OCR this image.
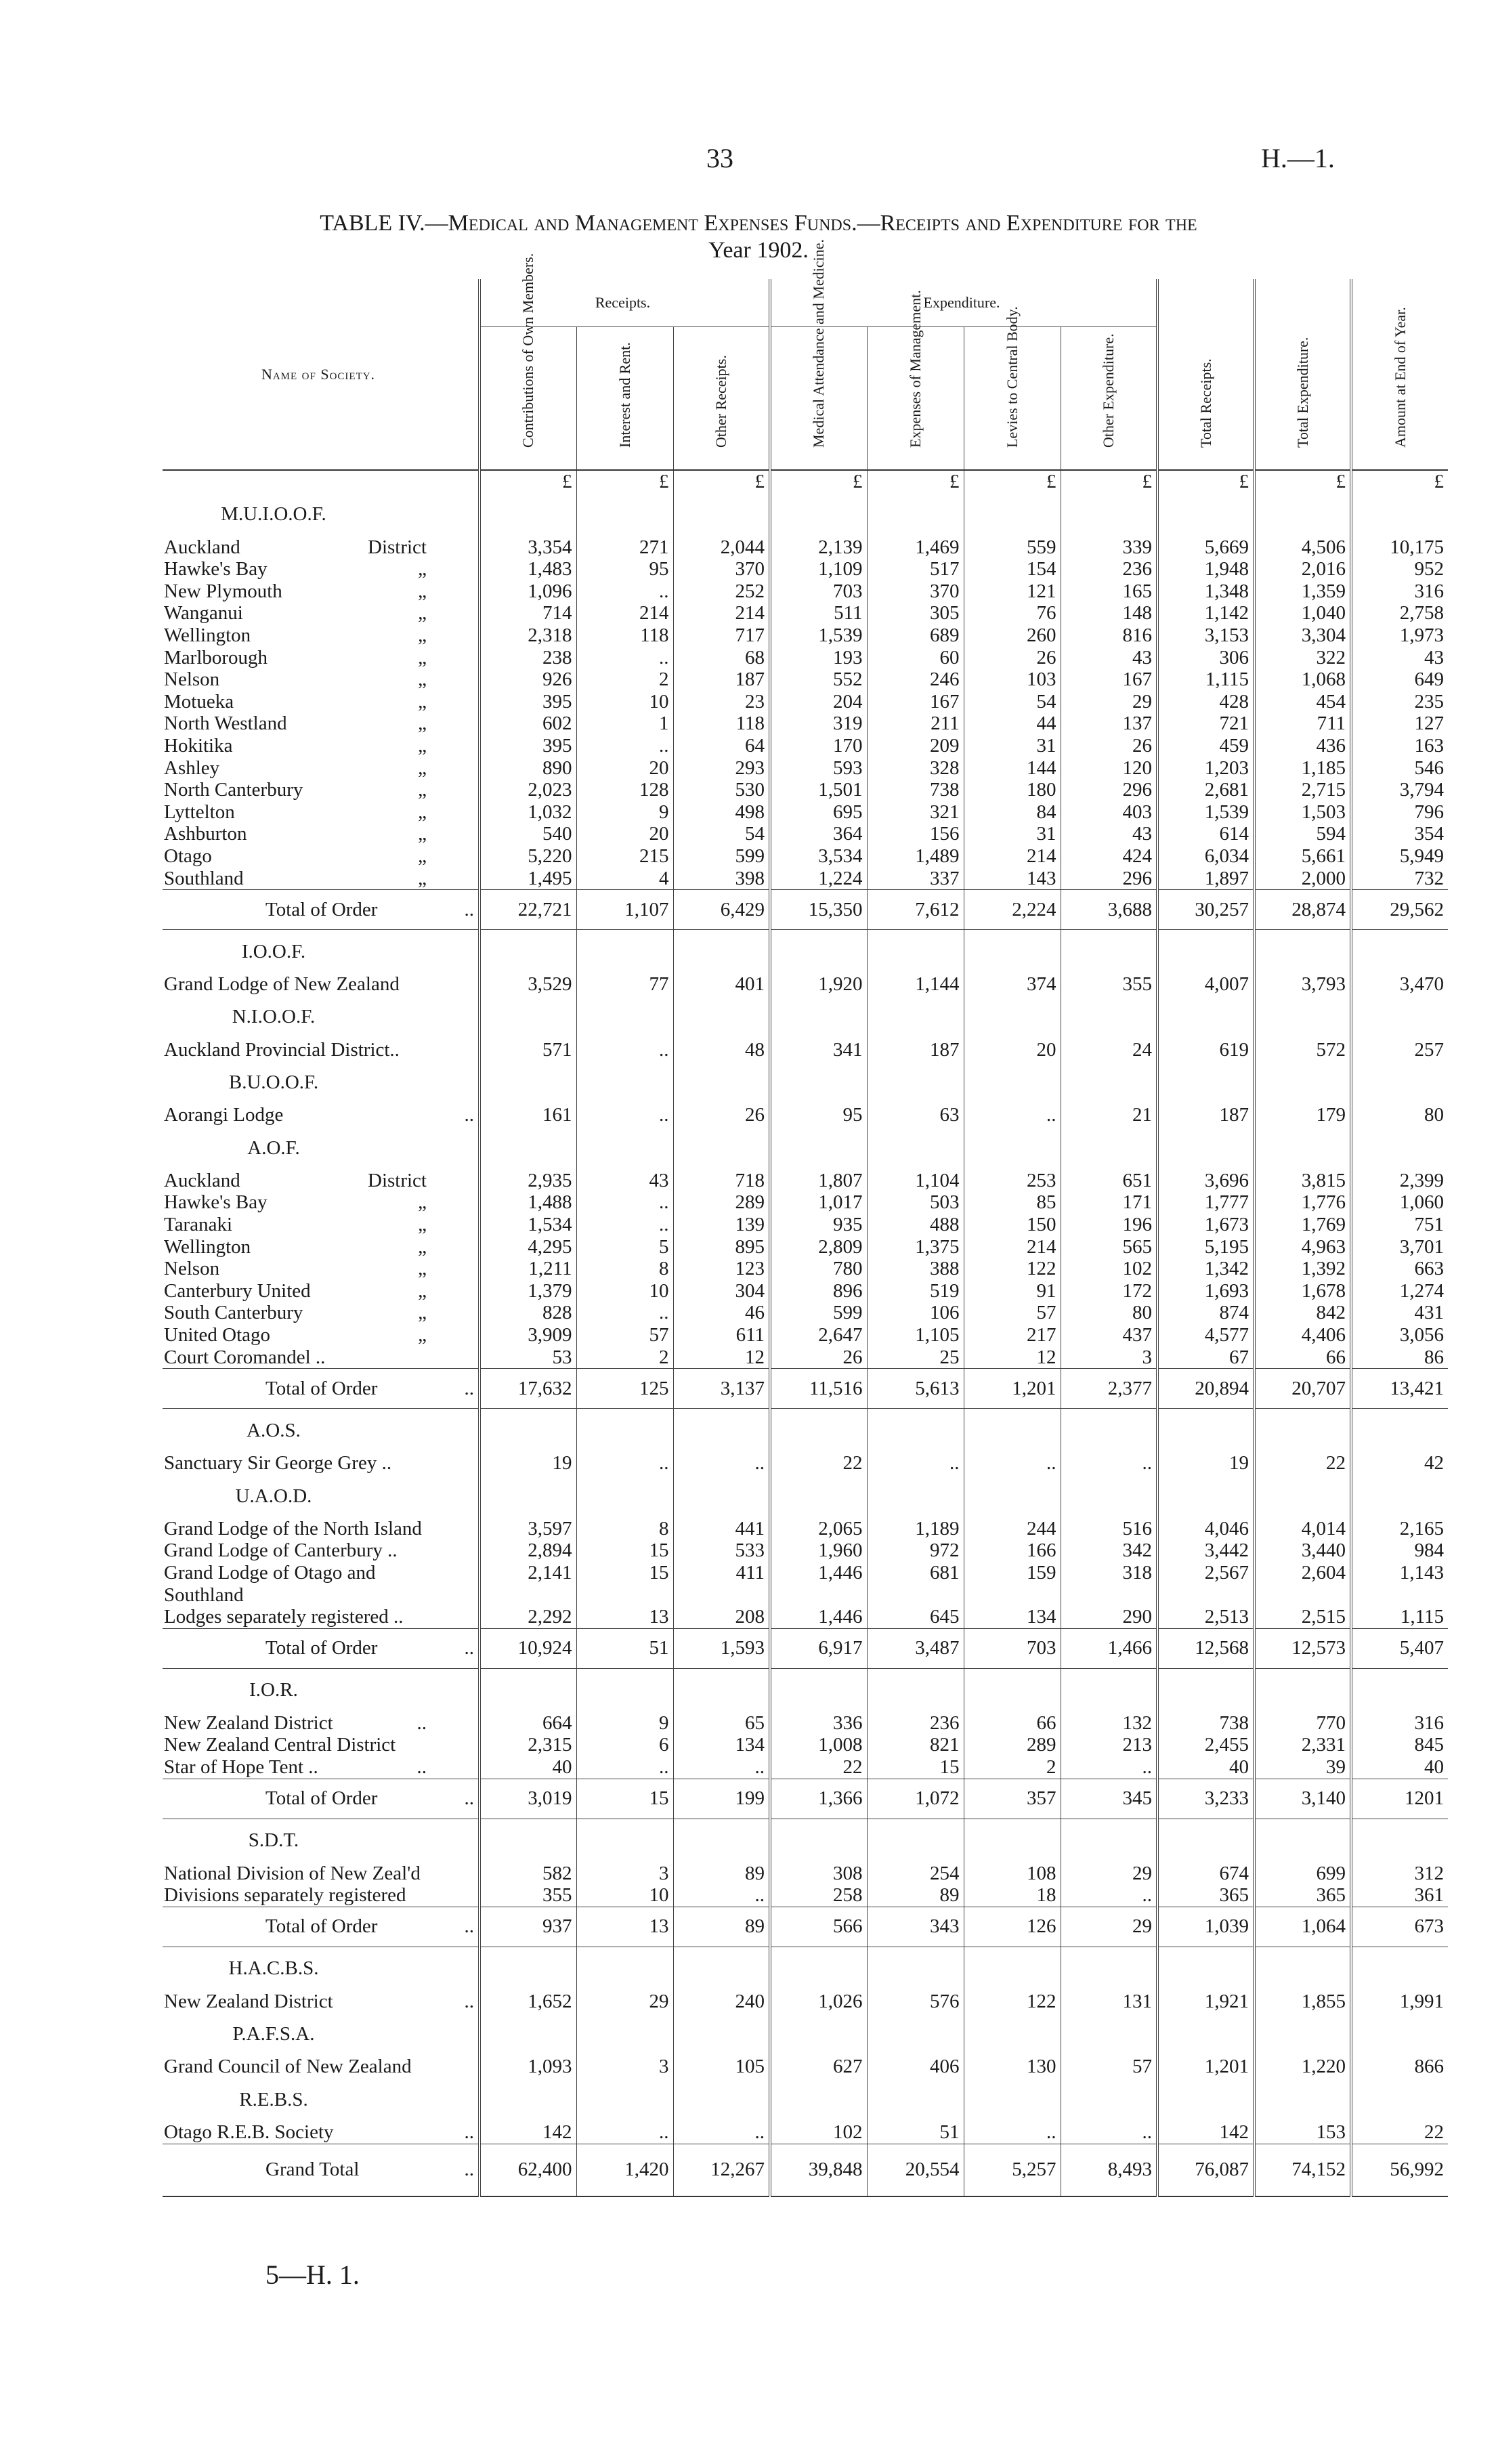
33	H.—1.
TABLE IV.—Medical and Management Expenses Funds.—Receipts and Expenditure for the
Year 1902.
Name of Society.	Receipts.			Expenditure.				Total Receipts.	Total Expenditure.	Amount at End of Year.

	Contributions of Own Members.	Interest and Rent.	Other Receipts.	Medical Attendance and Medicine.	Expenses of Management.	Levies to Central Body.	Other Expenditure.			

	£	£	£	£	£	£	£	£	£	£
M.U.I.O.O.F.										
Auckland District	3,354	271	2,044	2,139	1,469	559	339	5,669	4,506	10,175
Hawke's Bay „	1,483	95	370	1,109	517	154	236	1,948	2,016	952
New Plymouth „	1,096	..	252	703	370	121	165	1,348	1,359	316
Wanganui „	714	214	214	511	305	76	148	1,142	1,040	2,758
Wellington „	2,318	118	717	1,539	689	260	816	3,153	3,304	1,973
Marlborough „	238	..	68	193	60	26	43	306	322	43
Nelson „	926	2	187	552	246	103	167	1,115	1,068	649
Motueka „	395	10	23	204	167	54	29	428	454	235
North Westland „	602	1	118	319	211	44	137	721	711	127
Hokitika „	395	..	64	170	209	31	26	459	436	163
Ashley „	890	20	293	593	328	144	120	1,203	1,185	546
North Canterbury „	2,023	128	530	1,501	738	180	296	2,681	2,715	3,794
Lyttelton „	1,032	9	498	695	321	84	403	1,539	1,503	796
Ashburton „	540	20	54	364	156	31	43	614	594	354
Otago „	5,220	215	599	3,534	1,489	214	424	6,034	5,661	5,949
Southland „	1,495	4	398	1,224	337	143	296	1,897	2,000	732
Total of Order ..	22,721	1,107	6,429	15,350	7,612	2,224	3,688	30,257	28,874	29,562
I.O.O.F.										
Grand Lodge of New Zealand	3,529	77	401	1,920	1,144	374	355	4,007	3,793	3,470
N.I.O.O.F.										
Auckland Provincial District..	571	..	48	341	187	20	24	619	572	257
B.U.O.O.F.										
Aorangi Lodge ..	161	..	26	95	63	..	21	187	179	80
A.O.F.										
Auckland District	2,935	43	718	1,807	1,104	253	651	3,696	3,815	2,399
Hawke's Bay „	1,488	..	289	1,017	503	85	171	1,777	1,776	1,060
Taranaki „	1,534	..	139	935	488	150	196	1,673	1,769	751
Wellington „	4,295	5	895	2,809	1,375	214	565	5,195	4,963	3,701
Nelson „	1,211	8	123	780	388	122	102	1,342	1,392	663
Canterbury United „	1,379	10	304	896	519	91	172	1,693	1,678	1,274
South Canterbury „	828	..	46	599	106	57	80	874	842	431
United Otago „	3,909	57	611	2,647	1,105	217	437	4,577	4,406	3,056
Court Coromandel ..	53	2	12	26	25	12	3	67	66	86
Total of Order ..	17,632	125	3,137	11,516	5,613	1,201	2,377	20,894	20,707	13,421
A.O.S.										
Sanctuary Sir George Grey ..	19	..	..	22	..	..	..	19	22	42
U.A.O.D.										
Grand Lodge of the North Island	3,597	8	441	2,065	1,189	244	516	4,046	4,014	2,165
Grand Lodge of Canterbury ..	2,894	15	533	1,960	972	166	342	3,442	3,440	984
Grand Lodge of Otago and	2,141	15	411	1,446	681	159	318	2,567	2,604	1,143
Southland										
Lodges separately registered ..	2,292	13	208	1,446	645	134	290	2,513	2,515	1,115
Total of Order ..	10,924	51	1,593	6,917	3,487	703	1,466	12,568	12,573	5,407
I.O.R.										
New Zealand District ..	664	9	65	336	236	66	132	738	770	316
New Zealand Central District	2,315	6	134	1,008	821	289	213	2,455	2,331	845
Star of Hope Tent .. ..	40	..	..	22	15	2	..	40	39	40
Total of Order ..	3,019	15	199	1,366	1,072	357	345	3,233	3,140	1201
S.D.T.										
National Division of New Zeal'd	582	3	89	308	254	108	29	674	699	312
Divisions separately registered	355	10	..	258	89	18	..	365	365	361
Total of Order ..	937	13	89	566	343	126	29	1,039	1,064	673
H.A.C.B.S.										
New Zealand District ..	1,652	29	240	1,026	576	122	131	1,921	1,855	1,991
P.A.F.S.A.										
Grand Council of New Zealand	1,093	3	105	627	406	130	57	1,201	1,220	866
R.E.B.S.										
Otago R.E.B. Society ..	142	..	..	102	51	..	..	142	153	22
Grand Total ..	62,400	1,420	12,267	39,848	20,554	5,257	8,493	76,087	74,152	56,992
5—H. 1.
